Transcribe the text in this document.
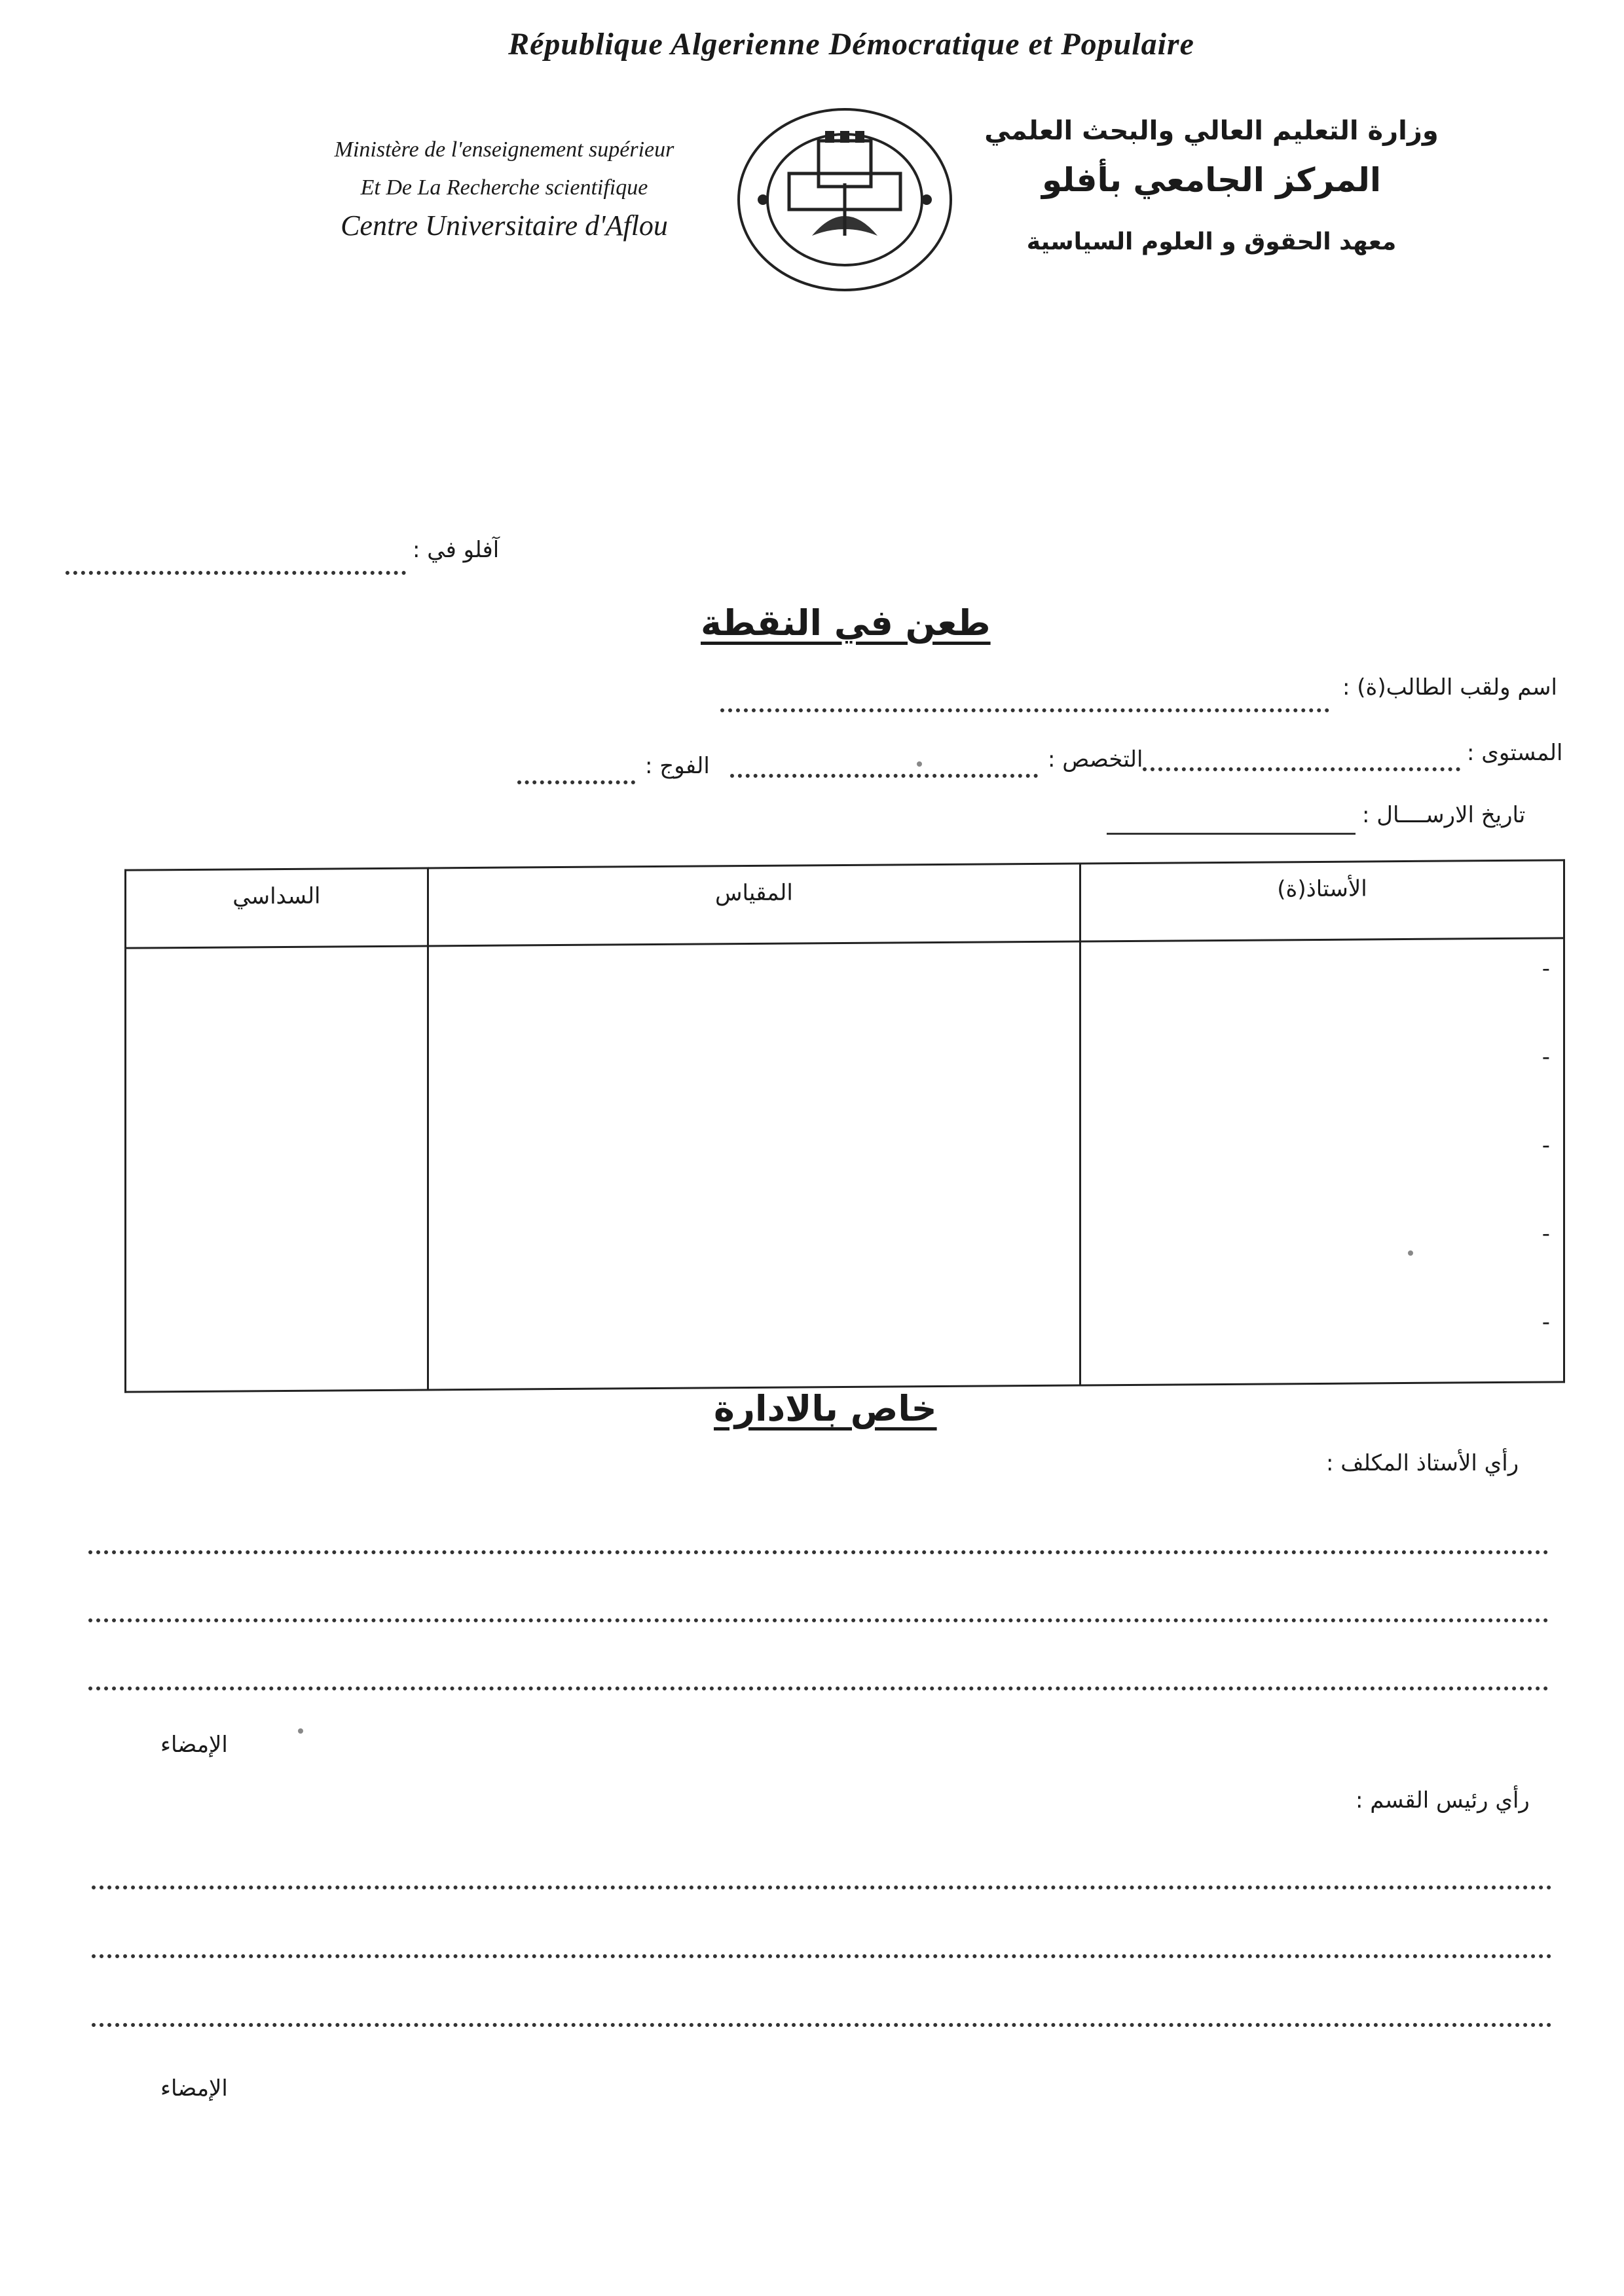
République Algerienne Démocratique et Populaire
Ministère de l'enseignement supérieur
Et De La Recherche scientifique
Centre Universitaire d'Aflou
وزارة التعليم العالي والبحث العلمي
المركز الجامعي بأفلو
معهد الحقوق و العلوم السياسية
آفلو في :
طعن في النقطة
اسم ولقب الطالب(ة) :
المستوى :
التخصص :
الفوج :
تاريخ الارســــال :
الأستاذ(ة)	المقياس	السداسي

-
-
-
-
-		

خاص بالادارة
رأي الأستاذ المكلف :
الإمضاء
رأي رئيس القسم :
الإمضاء
